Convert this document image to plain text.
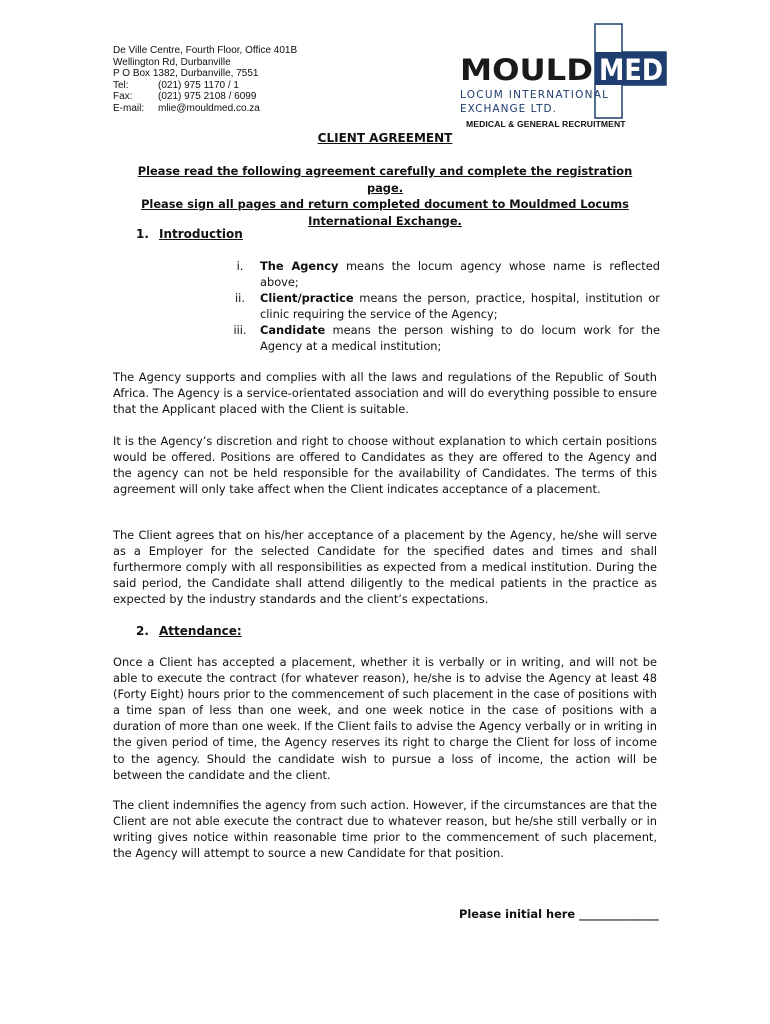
De Ville Centre, Fourth Floor, Office 401B
Wellington Rd, Durbanville
P O Box 1382, Durbanville, 7551
Tel:	(021) 975 1170 / 1
Fax:	(021) 975 2108 / 6099
E-mail:	mlie@mouldmed.co.za
MOULD MED
LOCUM INTERNATIONAL
EXCHANGE LTD.
MEDICAL & GENERAL RECRUITMENT
CLIENT AGREEMENT
Please read the following agreement carefully and complete the registration page.
Please sign all pages and return completed document to Mouldmed Locums
International Exchange.
1. Introduction
i.	The Agency means the locum agency whose name is reflected above;
ii.	Client/practice means the person, practice, hospital, institution or clinic requiring the service of the Agency;
iii.	Candidate means the person wishing to do locum work for the Agency at a medical institution;
The Agency supports and complies with all the laws and regulations of the Republic of South Africa. The Agency is a service-orientated association and will do everything possible to ensure that the Applicant placed with the Client is suitable.
It is the Agency’s discretion and right to choose without explanation to which certain positions would be offered. Positions are offered to Candidates as they are offered to the Agency and the agency can not be held responsible for the availability of Candidates. The terms of this agreement will only take affect when the Client indicates acceptance of a placement.
The Client agrees that on his/her acceptance of a placement by the Agency, he/she will serve as a Employer for the selected Candidate for the specified dates and times and shall furthermore comply with all responsibilities as expected from a medical institution. During the said period, the Candidate shall attend diligently to the medical patients in the practice as expected by the industry standards and the client’s expectations.
2. Attendance:
Once a Client has accepted a placement, whether it is verbally or in writing, and will not be able to execute the contract (for whatever reason), he/she is to advise the Agency at least 48 (Forty Eight) hours prior to the commencement of such placement in the case of positions with a time span of less than one week, and one week notice in the case of positions with a duration of more than one week. If the Client fails to advise the Agency verbally or in writing in the given period of time, the Agency reserves its right to charge the Client for loss of income to the agency. Should the candidate wish to pursue a loss of income, the action will be between the candidate and the client.
The client indemnifies the agency from such action. However, if the circumstances are that the Client are not able execute the contract due to whatever reason, but he/she still verbally or in writing gives notice within reasonable time prior to the commencement of such placement, the Agency will attempt to source a new Candidate for that position.
Please initial here ______________
